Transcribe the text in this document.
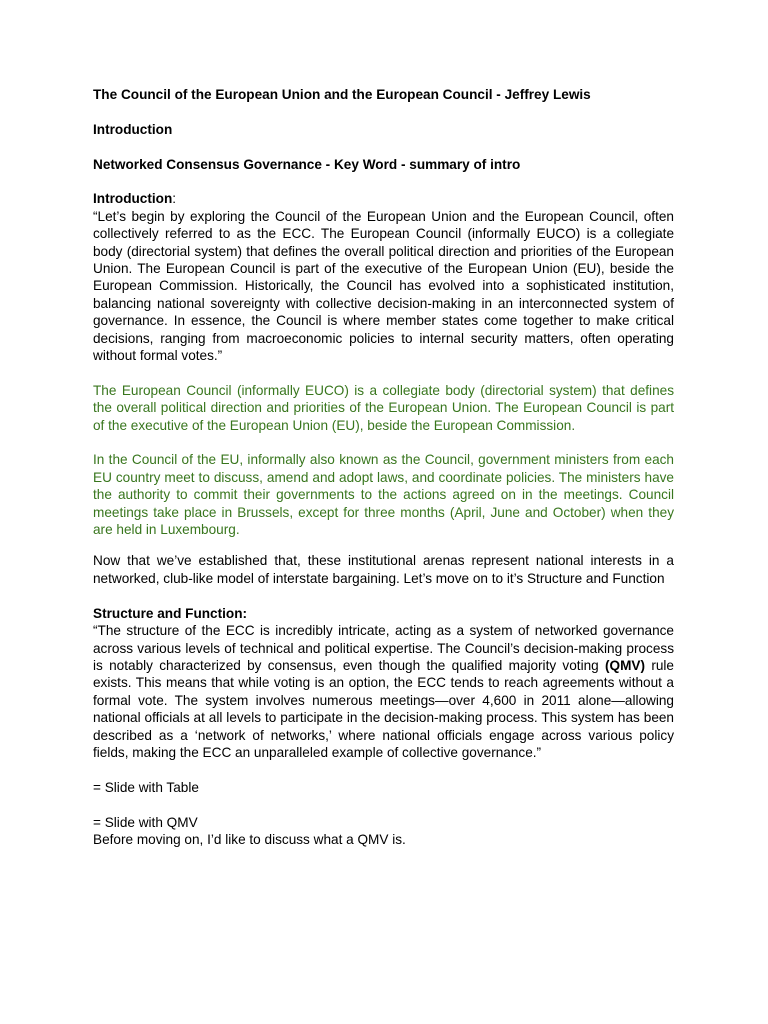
The Council of the European Union and the European Council - Jeffrey Lewis

Introduction

Networked Consensus Governance - Key Word - summary of intro

Introduction:

“Let’s begin by exploring the Council of the European Union and the European Council, often collectively referred to as the ECC. The European Council (informally EUCO) is a collegiate body (directorial system) that defines the overall political direction and priorities of the European Union. The European Council is part of the executive of the European Union (EU), beside the European Commission. Historically, the Council has evolved into a sophisticated institution, balancing national sovereignty with collective decision-making in an interconnected system of governance. In essence, the Council is where member states come together to make critical decisions, ranging from macroeconomic policies to internal security matters, often operating without formal votes.”

The European Council (informally EUCO) is a collegiate body (directorial system) that defines the overall political direction and priorities of the European Union. The European Council is part of the executive of the European Union (EU), beside the European Commission.

In the Council of the EU, informally also known as the Council, government ministers from each EU country meet to discuss, amend and adopt laws, and coordinate policies. The ministers have the authority to commit their governments to the actions agreed on in the meetings. Council meetings take place in Brussels, except for three months (April, June and October) when they are held in Luxembourg.

Now that we’ve established that, these institutional arenas represent national interests in a networked, club-like model of interstate bargaining. Let’s move on to it’s Structure and Function

Structure and Function:

“The structure of the ECC is incredibly intricate, acting as a system of networked governance across various levels of technical and political expertise. The Council’s decision-making process is notably characterized by consensus, even though the qualified majority voting (QMV) rule exists. This means that while voting is an option, the ECC tends to reach agreements without a formal vote. The system involves numerous meetings—over 4,600 in 2011 alone—allowing national officials at all levels to participate in the decision-making process. This system has been described as a ‘network of networks,’ where national officials engage across various policy fields, making the ECC an unparalleled example of collective governance.”

= Slide with Table

= Slide with QMV

Before moving on, I’d like to discuss what a QMV is.
